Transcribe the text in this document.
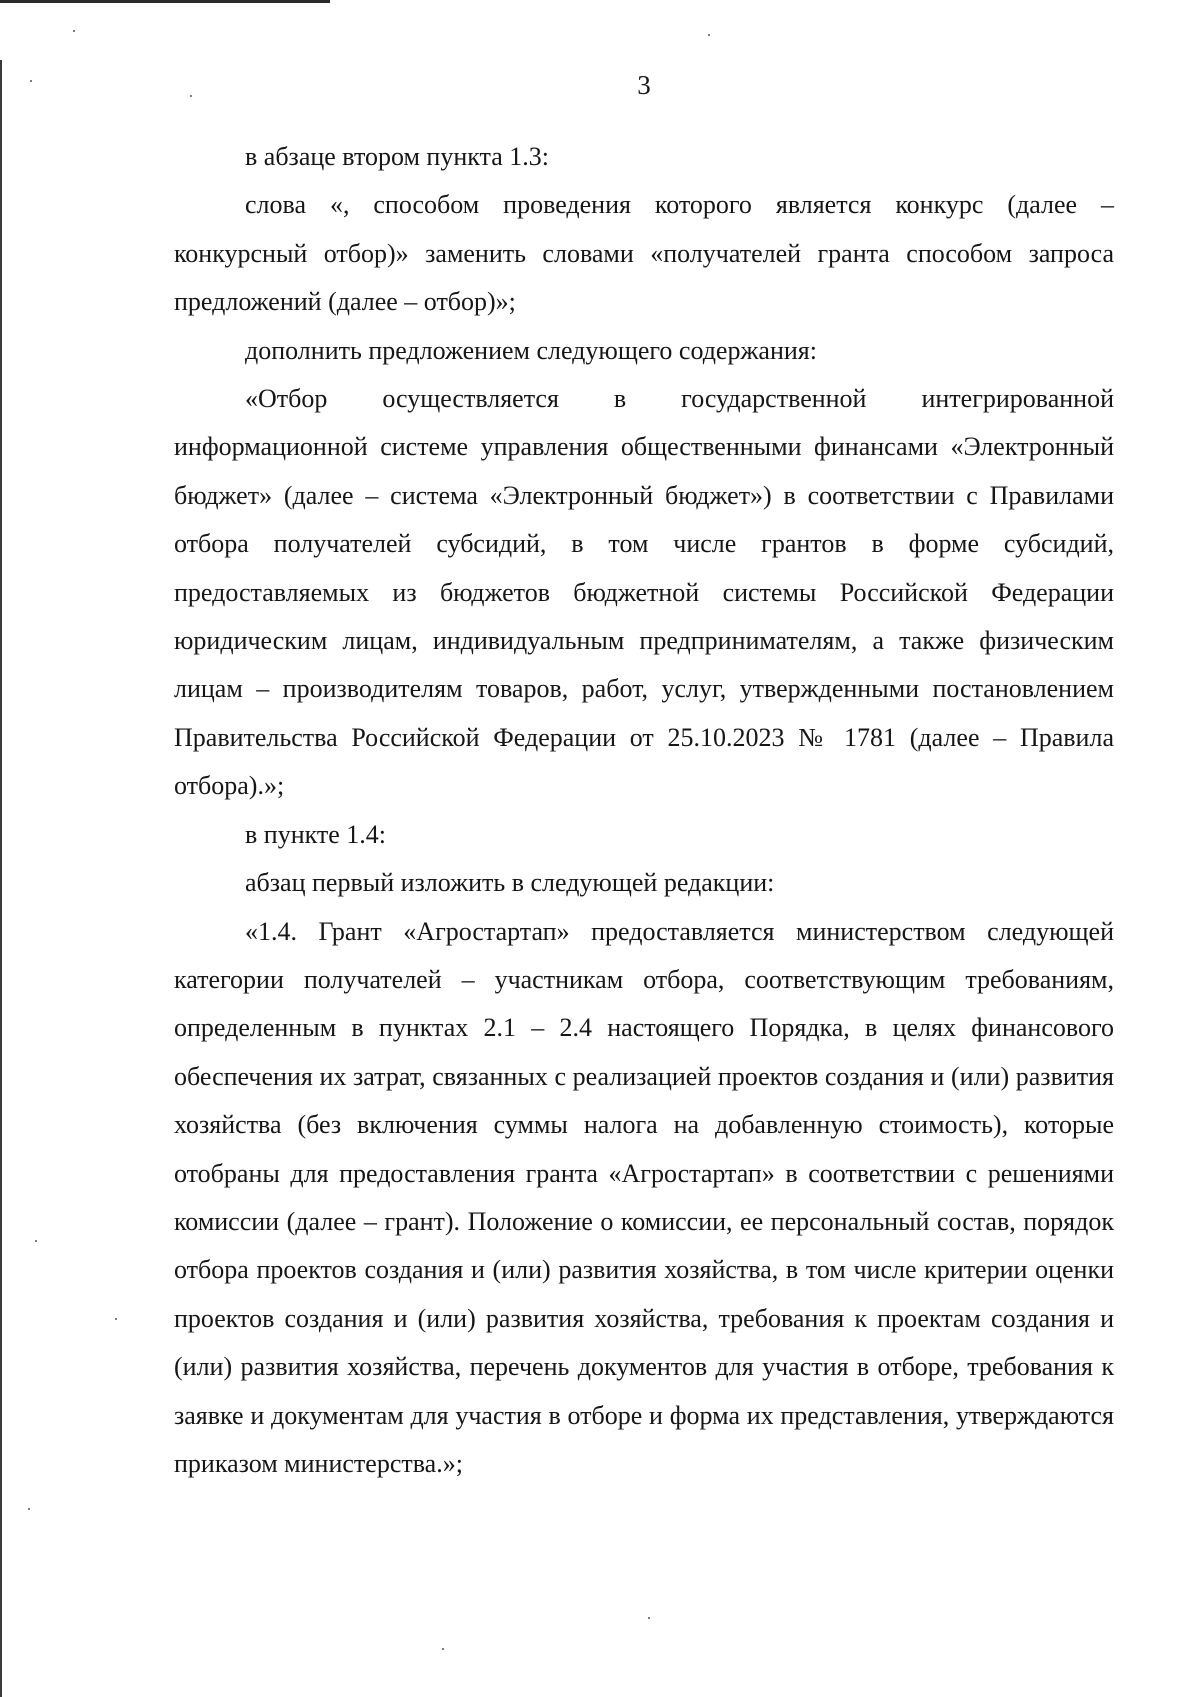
3

в абзаце втором пункта 1.3:

слова «, способом проведения которого является конкурс (далее – конкурсный отбор)» заменить словами «получателей гранта способом запроса предложений (далее – отбор)»;

дополнить предложением следующего содержания:

«Отбор осуществляется в государственной интегрированной информационной системе управления общественными финансами «Электронный бюджет» (далее – система «Электронный бюджет») в соответствии с Правилами отбора получателей субсидий, в том числе грантов в форме субсидий, предоставляемых из бюджетов бюджетной системы Российской Федерации юридическим лицам, индивидуальным предпринимателям, а также физическим лицам – производителям товаров, работ, услуг, утвержденными постановлением Правительства Российской Федерации от 25.10.2023 № 1781 (далее – Правила отбора).»;

в пункте 1.4:

абзац первый изложить в следующей редакции:

«1.4. Грант «Агростартап» предоставляется министерством следующей категории получателей – участникам отбора, соответствующим требованиям, определенным в пунктах 2.1 – 2.4 настоящего Порядка, в целях финансового обеспечения их затрат, связанных с реализацией проектов создания и (или) развития хозяйства (без включения суммы налога на добавленную стоимость), которые отобраны для предоставления гранта «Агростартап» в соответствии с решениями комиссии (далее – грант). Положение о комиссии, ее персональный состав, порядок отбора проектов создания и (или) развития хозяйства, в том числе критерии оценки проектов создания и (или) развития хозяйства, требования к проектам создания и (или) развития хозяйства, перечень документов для участия в отборе, требования к заявке и документам для участия в отборе и форма их представления, утверждаются приказом министерства.»;
